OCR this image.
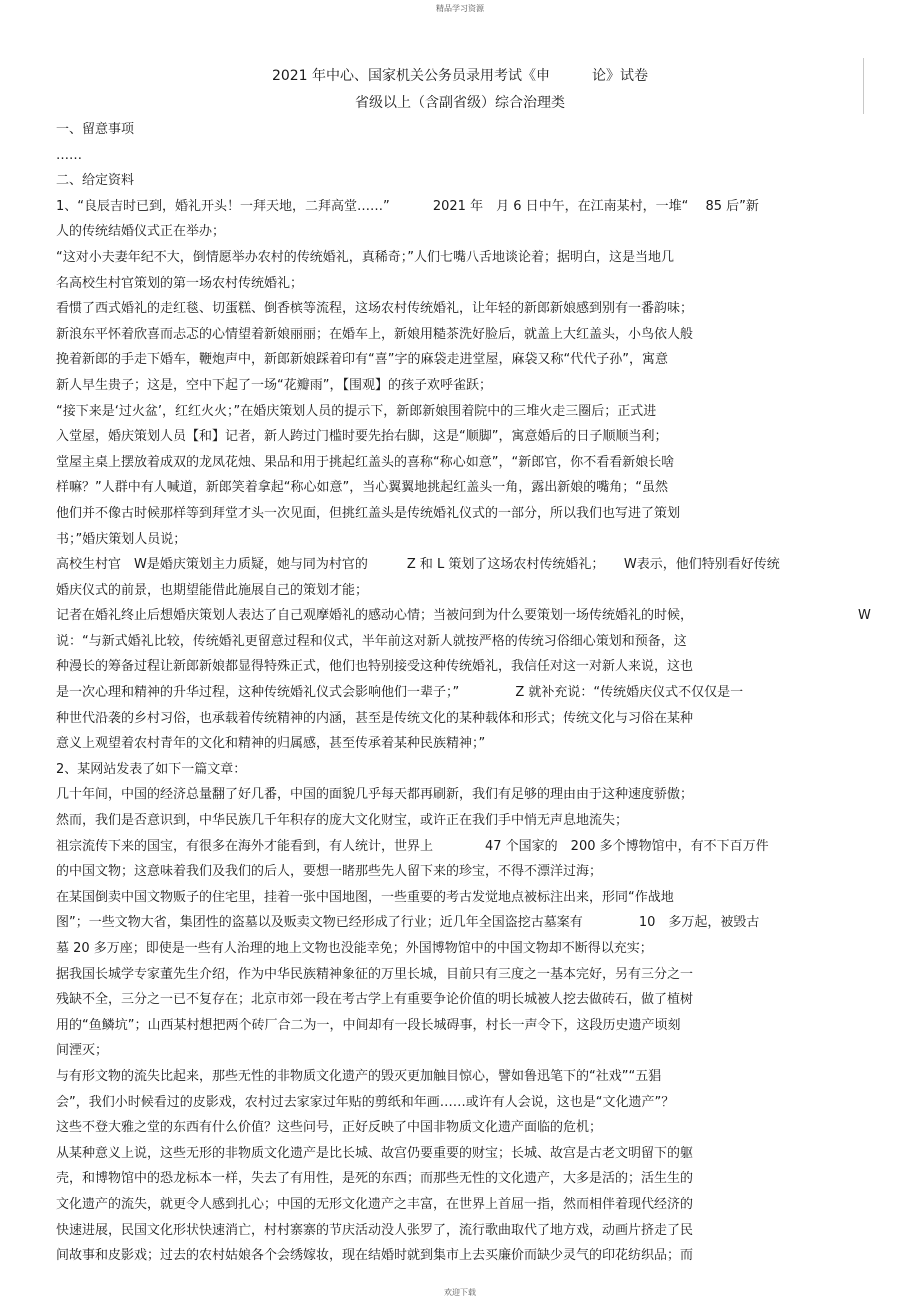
精品学习资源
2021 年中心、国家机关公务员录用考试《申　　　论》试卷
省级以上（含副省级）综合治理类
一、留意事项
……
二、给定资料
1、“良辰吉时已到，婚礼开头！一拜天地，二拜高堂……”　　　 2021 年　月 6 日中午，在江南某村，一堆“　 85 后”新
人的传统结婚仪式正在举办；
“这对小夫妻年纪不大，倒情愿举办农村的传统婚礼，真稀奇；”人们七嘴八舌地谈论着；据明白，这是当地几
名高校生村官策划的第一场农村传统婚礼；
看惯了西式婚礼的走红毯、切蛋糕、倒香槟等流程，这场农村传统婚礼，让年轻的新郎新娘感到别有一番韵味；
新浪东平怀着欣喜而忐忑的心情望着新娘丽丽；在婚车上，新娘用糙茶洗好脸后，就盖上大红盖头，小鸟依人般
挽着新郎的手走下婚车，鞭炮声中，新郎新娘踩着印有“喜”字的麻袋走进堂屋，麻袋又称“代代子孙”，寓意
新人早生贵子；这是，空中下起了一场“花瓣雨”，【围观】的孩子欢呼雀跃；
“接下来是‘过火盆’，红红火火；”在婚庆策划人员的提示下，新郎新娘围着院中的三堆火走三圈后；正式进
入堂屋，婚庆策划人员【和】记者，新人跨过门槛时要先抬右脚，这是“顺脚”，寓意婚后的日子顺顺当利；
堂屋主桌上摆放着成双的龙凤花烛、果品和用于挑起红盖头的喜称“称心如意”，“新郎官，你不看看新娘长啥
样嘛？”人群中有人喊道，新郎笑着拿起“称心如意”，当心翼翼地挑起红盖头一角，露出新娘的嘴角；“虽然
他们并不像古时候那样等到拜堂才头一次见面，但挑红盖头是传统婚礼仪式的一部分，所以我们也写进了策划
书；”婚庆策划人员说；
高校生村官　W是婚庆策划主力质疑，她与同为村官的　　　Z 和 L 策划了这场农村传统婚礼；　　W表示，他们特别看好传统
婚庆仪式的前景，也期望能借此施展自己的策划才能；
记者在婚礼终止后想婚庆策划人表达了自己观摩婚礼的感动心情；当被问到为什么要策划一场传统婚礼的时候，	W
说：“与新式婚礼比较，传统婚礼更留意过程和仪式，半年前这对新人就按严格的传统习俗细心策划和预备，这
种漫长的筹备过程让新郎新娘都显得特殊正式，他们也特别接受这种传统婚礼，我信任对这一对新人来说，这也
是一次心理和精神的升华过程，这种传统婚礼仪式会影响他们一辈子；”　　　　 Z 就补充说：“传统婚庆仪式不仅仅是一
种世代沿袭的乡村习俗，也承载着传统精神的内涵，甚至是传统文化的某种载体和形式；传统文化与习俗在某种
意义上观望着农村青年的文化和精神的归属感，甚至传承着某种民族精神；”
2、某网站发表了如下一篇文章：
几十年间，中国的经济总量翻了好几番，中国的面貌几乎每天都再刷新，我们有足够的理由由于这种速度骄傲；
然而，我们是否意识到，中华民族几千年积存的庞大文化财宝，或许正在我们手中悄无声息地流失；
祖宗流传下来的国宝，有很多在海外才能看到，有人统计，世界上　　　　47 个国家的　200 多个博物馆中，有不下百万件
的中国文物；这意味着我们及我们的后人，要想一睹那些先人留下来的珍宝，不得不漂洋过海；
在某国倒卖中国文物贩子的住宅里，挂着一张中国地图，一些重要的考古发觉地点被标注出来，形同“作战地
图”；一些文物大省，集团性的盗墓以及贩卖文物已经形成了行业；近几年全国盗挖古墓案有　　　　 10　多万起，被毁古
墓 20 多万座；即使是一些有人治理的地上文物也没能幸免；外国博物馆中的中国文物却不断得以充实；
据我国长城学专家董先生介绍，作为中华民族精神象征的万里长城，目前只有三度之一基本完好，另有三分之一
残缺不全，三分之一已不复存在；北京市郊一段在考古学上有重要争论价值的明长城被人挖去做砖石，做了植树
用的“鱼鳞坑”；山西某村想把两个砖厂合二为一，中间却有一段长城碍事，村长一声令下，这段历史遗产顷刻
间湮灭；
与有形文物的流失比起来，那些无性的非物质文化遗产的毁灭更加触目惊心，譬如鲁迅笔下的“社戏”“五猖
会”，我们小时候看过的皮影戏，农村过去家家过年贴的剪纸和年画……或许有人会说，这也是“文化遗产”？
这些不登大雅之堂的东西有什么价值？这些问号，正好反映了中国非物质文化遗产面临的危机；
从某种意义上说，这些无形的非物质文化遗产是比长城、故宫仍要重要的财宝；长城、故宫是古老文明留下的躯
壳，和博物馆中的恐龙标本一样，失去了有用性，是死的东西；而那些无性的文化遗产，大多是活的；活生生的
文化遗产的流失，就更令人感到扎心；中国的无形文化遗产之丰富，在世界上首屈一指，然而相伴着现代经济的
快速进展，民国文化形状快速消亡，村村寨寨的节庆活动没人张罗了，流行歌曲取代了地方戏，动画片挤走了民
间故事和皮影戏；过去的农村姑娘各个会绣嫁妆，现在结婚时就到集市上去买廉价而缺少灵气的印花纺织品；而
欢迎下载
